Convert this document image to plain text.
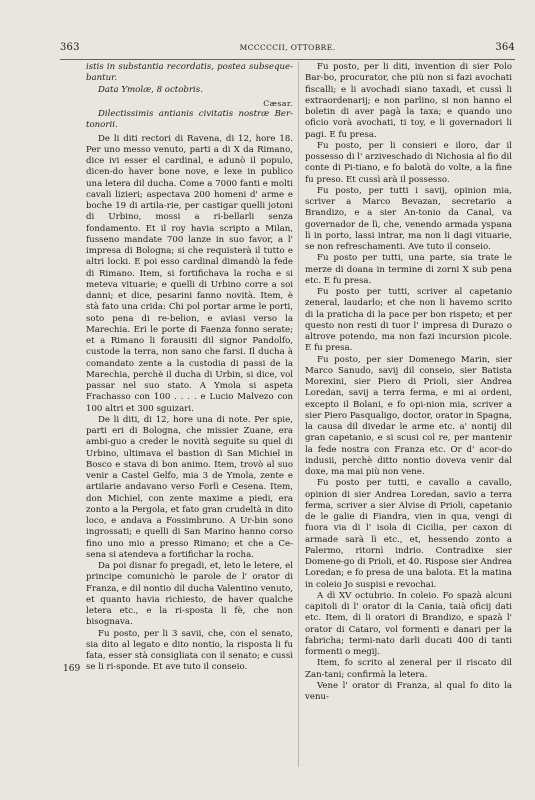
363	MCCCCCII, OTTOBRE.	364
169

istis in substantia recordatis, postea subseque-bantur.

Data Ymolæ, 8 octobris.

Cæsar.

Dilectissimis antianis civitatis nostræ Ber-tonorii.

De li diti rectori di Ravena, di 12, hore 18. Per uno messo venuto, parti a di X da Rimano, dice ivi esser el cardinal, e adunò il populo, dicen-do haver bone nove, e lexe in publico una letera dil ducha. Come a 7000 fanti e molti cavali lizieri; aspectava 200 homeni d' arme e boche 19 di artila-rie, per castigar quelli jotoni di Urbino, mossi a ri-bellarli senza fondamento. Et il roy havia scripto a Milan, fusseno mandate 700 lanze in suo favor, a l' impresa di Bologna; si che requisterà il tutto e altri locki. E poi esso cardinal dimandò la fede di Rimano. Item, si fortifichava la rocha e si meteva vituarie; e quelli di Urbino corre a soi danni; et dice, pesarini fanno novità. Item, è stà fato una crida: Chi pol portar arme le porti, soto pena di re-belion, e aviasi verso la Marechia. Eri le porte di Faenza fonno serate; et a Rimano li forausiti dil signor Pandolfo, custode la terra, non sano che farsi. Il ducha à comandato zente a la custodia di passi de la Marechia, perchè il ducha di Urbin, si dice, vol passar nel suo stato. A Ymola si aspeta Frachasso con 100 . . . . e Lucio Malvezo con 100 altri et 300 sguizari.

De li diti, di 12, hore una di note. Per spie, parti eri di Bologna, che missier Zuane, era ambi-guo a creder le novità seguite su quel di Urbino, ultimava el bastion di San Michiel in Bosco e stava di bon animo. Item, trovò al suo venir a Castel Gelfo, mia 3 de Ymola, zente e artilarie andavano verso Forlì e Cesena. Item, don Michiel, con zente maxime a piedi, era zonto a la Pergola, et fato gran crudeltà in dito loco, e andava a Fossimbruno. A Ur-bin sono ingrossati; e quelli di San Marino hanno corso fino uno mio a presso Rimano; et che a Ce-sena si atendeva a fortifichar la rocha.

Da poi disnar fo pregadi, et, leto le letere, el principe comunichò le parole de l' orator di Franza, e dil nontio dil ducha Valentino venuto, et quanto havia richiesto, de haver qualche letera etc., e la ri-sposta li fè, che non bisognava.

Fu posto, per li 3 savii, che, con el senato, sia dito al legato e dito nontio, la risposta li fu fata, esser stà consigliata con il senato; e cussì se li ri-sponde. Et ave tuto il conseio.

Fu posto, per li diti, invention di sier Polo Bar-bo, procurator, che più non si fazi avochati fiscalli; e li avochadi siano taxadi, et cussì li extraordenarij; e non parlino, si non hanno el boletin di aver pagà la taxa; e quando uno oficio vorà avochati, ti toy, e li governadori li pagi. E fu presa.

Fu posto, per li consieri e iloro, dar il possesso di l' arziveschado di Nichosia al fio dil conte di Pi-tiano, e fo balotà do volte, a la fine fu preso. Et cussì arà il possesso.

Fu posto, per tutti i savij, opinion mia, scriver a Marco Bevazan, secretario a Brandizo, e a sier An-tonio da Canal, va governador de lì, che, venendo armada yspana lì in porto, lassi intrar, ma non li dagi vituarie, se non refreschamenti. Ave tuto il conseio.

Fu posto per tutti, una parte, sia trate le merze di doana in termine di zorni X sub pena etc. E fu presa.

Fu posto per tutti, scriver al capetanio zeneral, laudarlo; et che non li havemo scrito di la praticha di la pace per bon rispeto; et per questo non resti di tuor l' impresa di Durazo o altrove potendo, ma non fazi incursion picole. E fu presa.

Fu posto, per sier Domenego Marin, sier Marco Sanudo, savij dil conseio, sier Batista Morexini, sier Piero di Prioli, sier Andrea Loredan, savij a terra ferma, e mi ai ordeni, excepto il Bolani, e fo opi-nion mia, scriver a sier Piero Pasqualigo, doctor, orator in Spagna, la causa dil divedar le arme etc. a' nontij dil gran capetanio, e si scusi col re, per mantenir la fede nostra con Franza etc. Or d' acor-do indusii, perchè ditto nontio doveva venir dal doxe, ma mai più non vene.

Fu posto per tutti, e cavallo a cavallo, opinion di sier Andrea Loredan, savio a terra ferma, scriver a sier Alvise di Prioli, capetanio de le galie di Fiandra, vien in qua, vengi di fuora via di l' isola di Cicilia, per caxon di armade sarà lì etc., et, hessendo zonto a Palermo, ritornì indrio. Contradixe sier Domene-go di Prioli, et 40. Rispose sier Andrea Loredan; e fo presa de una balota. Et la matina in coleio Jo suspisi e revochai.

A dì XV octubrio. In coleio. Fo spazà alcuni capitoli di l' orator di la Cania, taià oficij dati etc. Item, di li oratori di Brandizo, e spazà l' orator di Cataro, vol formenti e danari per la fabricha; termi-nato darli ducati 400 di tanti formenti o megij.

Item, fo scrito al zeneral per il riscato dil Zan-tani; confirmà la letera.

Vene l' orator di Franza, al qual fo dito la venu-
